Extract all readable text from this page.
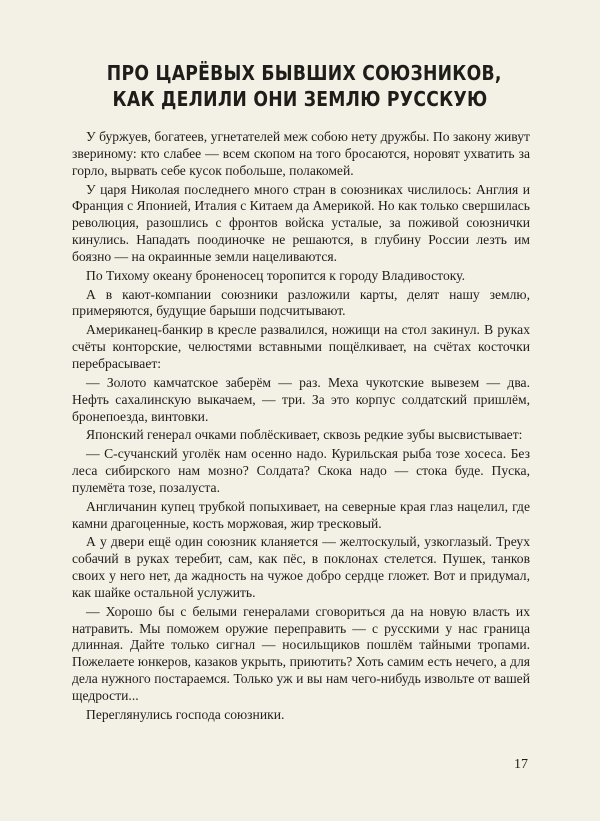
ПРО ЦАРЁВЫХ БЫВШИХ СОЮЗНИКОВ,
КАК ДЕЛИЛИ ОНИ ЗЕМЛЮ РУССКУЮ

У буржуев, богатеев, угнетателей меж собою нету дружбы. По закону живут звериному: кто слабее — всем скопом на того бросаются, норовят ухватить за горло, вырвать себе кусок побольше, полакомей.

У царя Николая последнего много стран в союзниках числилось: Англия и Франция с Японией, Италия с Китаем да Америкой. Но как только свершилась революция, разошлись с фронтов войска усталые, за поживой союзнички кинулись. Нападать поодиночке не решаются, в глубину России лезть им боязно — на окраинные земли нацеливаются.

По Тихому океану броненосец торопится к городу Владивостоку.

А в кают-компании союзники разложили карты, делят нашу землю, примеряются, будущие барыши подсчитывают.

Американец-банкир в кресле развалился, ножищи на стол закинул. В руках счёты конторские, челюстями вставными пощёлкивает, на счётах косточки перебрасывает:

— Золото камчатское заберём — раз. Меха чукотские вывезем — два. Нефть сахалинскую выкачаем, — три. За это корпус солдатский пришлём, бронепоезда, винтовки.

Японский генерал очками поблёскивает, сквозь редкие зубы высвистывает:

— С-сучанский уголёк нам осенно надо. Курильская рыба тозе хосеса. Без леса сибирского нам мозно? Солдата? Скока надо — стока буде. Пуска, пулемёта тозе, позалуста.

Англичанин купец трубкой попыхивает, на северные края глаз нацелил, где камни драгоценные, кость моржовая, жир тресковый.

А у двери ещё один союзник кланяется — желтоскулый, узкоглазый. Треух собачий в руках теребит, сам, как пёс, в поклонах стелется. Пушек, танков своих у него нет, да жадность на чужое добро сердце гложет. Вот и придумал, как шайке остальной услужить.

— Хорошо бы с белыми генералами сговориться да на новую власть их натравить. Мы поможем оружие переправить — с русскими у нас граница длинная. Дайте только сигнал — носильщиков пошлём тайными тропами. Пожелаете юнкеров, казаков укрыть, приютить? Хоть самим есть нечего, а для дела нужного постараемся. Только уж и вы нам чего-нибудь извольте от вашей щедрости...

Переглянулись господа союзники.

17
